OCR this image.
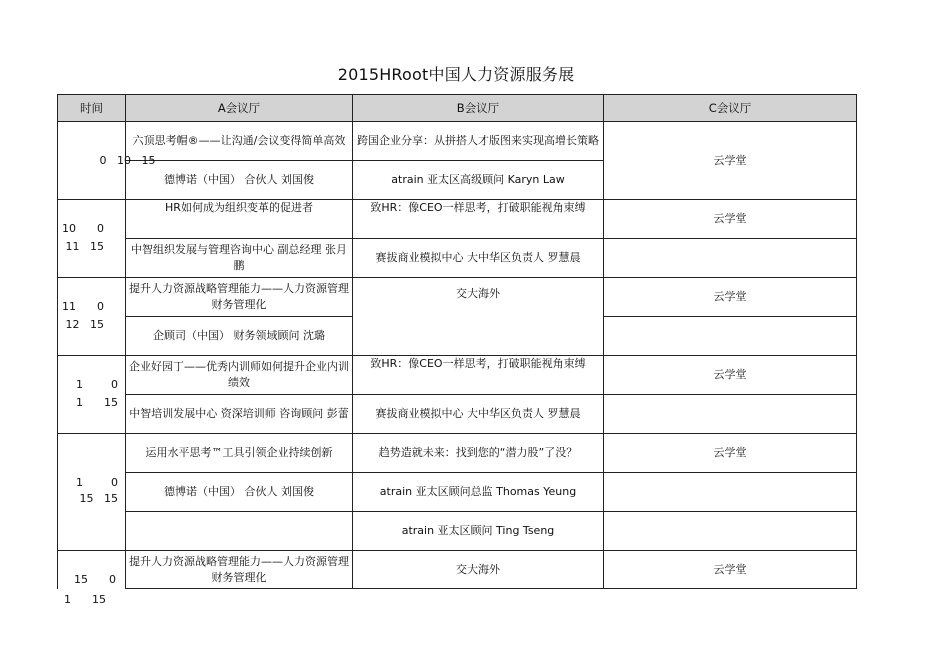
2015HRoot中国人力资源服务展
时间	A会议厅	B会议厅	C会议厅

0   10   15	六顶思考帽®——让沟通/会议变得简单高效	跨国企业分享：从拼搭人才版图来实现高增长策略	云学堂
	德博诺（中国） 合伙人 刘国俊	atrain 亚太区高级顾问 Karyn Law	

10      0
11   15	HR如何成为组织变革的促进者	致HR：像CEO一样思考，打破职能视角束缚	云学堂
	中智组织发展与管理咨询中心 副总经理 张月鹏	赛拔商业模拟中心 大中华区负责人 罗慧晨	

11      0
12   15	提升人力资源战略管理能力——人力资源管理财务管理化	交大海外	云学堂
	企顾司（中国） 财务领域顾问 沈璐		

1        0
1      15	企业好园丁——优秀内训师如何提升企业内训绩效	致HR：像CEO一样思考，打破职能视角束缚	云学堂
	中智培训发展中心 资深培训师 咨询顾问 彭蕾	赛拔商业模拟中心 大中华区负责人 罗慧晨	

1        0
15   15	运用水平思考™工具引领企业持续创新	趋势造就未来：找到您的“潜力股”了没？	云学堂
	德博诺（中国） 合伙人 刘国俊	atrain 亚太区顾问总监 Thomas Yeung	
		atrain 亚太区顾问 Ting Tseng	

15      0	提升人力资源战略管理能力——人力资源管理财务管理化	交大海外	云学堂
1      15
